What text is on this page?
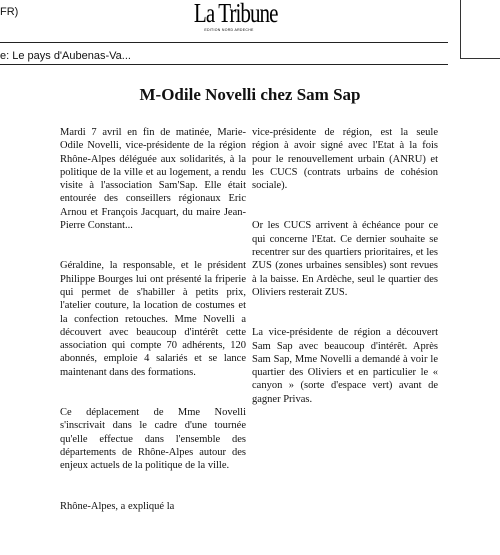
FR)	La Tribune
EDITION NORD ARDECHE
e: Le pays d'Aubenas-Va...
M-Odile Novelli chez Sam Sap

Mardi 7 avril en fin de matinée, Marie-Odile Novelli, vice-présidente de la région Rhône-Alpes déléguée aux solidarités, à la politique de la ville et au logement, a rendu visite à l'association Sam'Sap. Elle était entourée des conseillers régionaux Eric Arnou et François Jacquart, du maire Jean-Pierre Constant...

Géraldine, la responsable, et le président Philippe Bourges lui ont présenté la friperie qui permet de s'habiller à petits prix, l'atelier couture, la location de costumes et la confection retouches. Mme Novelli a découvert avec beaucoup d'intérêt cette association qui compte 70 adhérents, 120 abonnés, emploie 4 salariés et se lance maintenant dans des formations.

Ce déplacement de Mme Novelli s'inscrivait dans le cadre d'une tournée qu'elle effectue dans l'ensemble des départements de Rhône-Alpes autour des enjeux actuels de la politique de la ville.

Rhône-Alpes, a expliqué la

vice-présidente de région, est la seule région à avoir signé avec l'Etat à la fois pour le renouvellement urbain (ANRU) et les CUCS (contrats urbains de cohésion sociale).

Or les CUCS arrivent à échéance pour ce qui concerne l'Etat. Ce dernier souhaite se recentrer sur des quartiers prioritaires, et les ZUS (zones urbaines sensibles) sont revues à la baisse. En Ardèche, seul le quartier des Oliviers resterait ZUS.

La vice-présidente de région a découvert Sam Sap avec beaucoup d'intérêt. Après Sam Sap, Mme Novelli a demandé à voir le quartier des Oliviers et en particulier le « canyon » (sorte d'espace vert) avant de gagner Privas.
